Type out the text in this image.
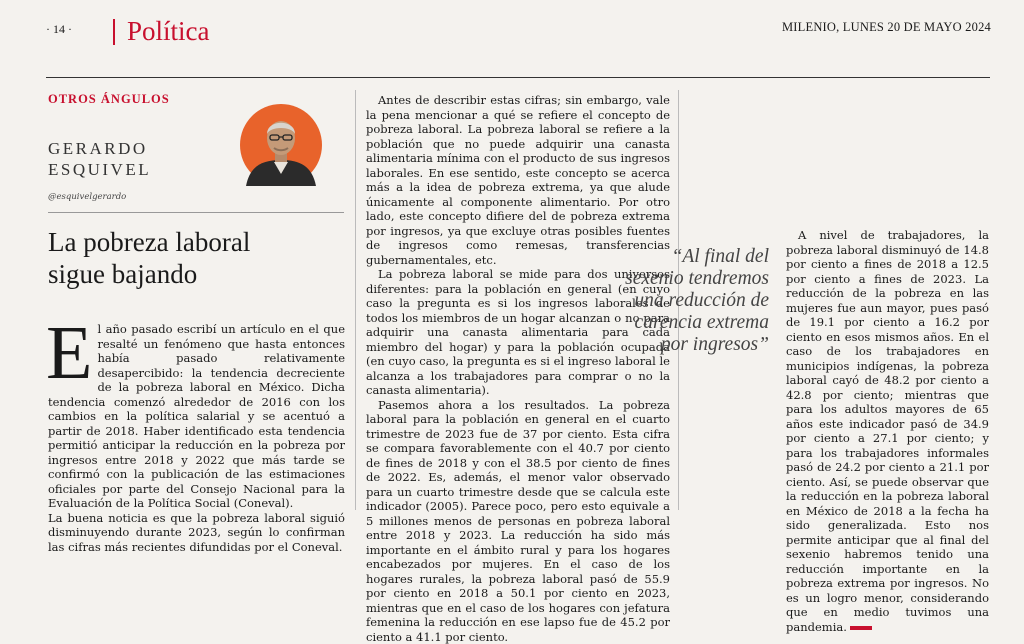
· 14 · Política	MILENIO, LUNES 20 DE MAYO 2024
OTROS ÁNGULOS
GERARDO
ESQUIVEL
@esquivelgerardo
La pobreza laboral
sigue bajando
E l año pasado escribí un artículo en el que resalté un fenómeno que hasta entonces había pasado relativamente desapercibido: la tendencia decreciente de la pobreza laboral en México. Dicha tendencia comenzó alrededor de 2016 con los cambios en la política salarial y se acentuó a partir de 2018. Haber identificado esta tendencia permitió anticipar la reducción en la pobreza por ingresos entre 2018 y 2022 que más tarde se confirmó con la publicación de las estimaciones oficiales por parte del Consejo Nacional para la Evaluación de la Política Social (Coneval).

La buena noticia es que la pobreza laboral siguió disminuyendo durante 2023, según lo confirman las cifras más recientes difundidas por el Coneval.

Antes de describir estas cifras; sin embargo, vale la pena mencionar a qué se refiere el concepto de pobreza laboral. La pobreza laboral se refiere a la población que no puede adquirir una canasta alimentaria mínima con el producto de sus ingresos laborales. En ese sentido, este concepto se acerca más a la idea de pobreza extrema, ya que alude únicamente al componente alimentario. Por otro lado, este concepto difiere del de pobreza extrema por ingresos, ya que excluye otras posibles fuentes de ingresos como remesas, transferencias gubernamentales, etc.

La pobreza laboral se mide para dos universos diferentes: para la población en general (en cuyo caso la pregunta es si los ingresos laborales de todos los miembros de un hogar alcanzan o no para adquirir una canasta alimentaria para cada miembro del hogar) y para la población ocupada (en cuyo caso, la pregunta es si el ingreso laboral le alcanza a los trabajadores para comprar o no la canasta alimentaria).

Pasemos ahora a los resultados. La pobreza laboral para la población en general en el cuarto trimestre de 2023 fue de 37 por ciento. Esta cifra se compara favorablemente con el 40.7 por ciento de fines de 2018 y con el 38.5 por ciento de fines de 2022. Es, además, el menor valor observado para un cuarto trimestre desde que se calcula este indicador (2005). Parece poco, pero esto equivale a 5 millones menos de personas en pobreza laboral entre 2018 y 2023. La reducción ha sido más importante en el ámbito rural y para los hogares encabezados por mujeres. En el caso de los hogares rurales, la pobreza laboral pasó de 55.9 por ciento en 2018 a 50.1 por ciento en 2023, mientras que en el caso de los hogares con jefatura femenina la reducción en ese lapso fue de 45.2 por ciento a 41.1 por ciento.

“Al final del sexenio tendremos una reducción de carencia extrema por ingresos”

A nivel de trabajadores, la pobreza laboral disminuyó de 14.8 por ciento a fines de 2018 a 12.5 por ciento a fines de 2023. La reducción de la pobreza en las mujeres fue aun mayor, pues pasó de 19.1 por ciento a 16.2 por ciento en esos mismos años. En el caso de los trabajadores en municipios indígenas, la pobreza laboral cayó de 48.2 por ciento a 42.8 por ciento; mientras que para los adultos mayores de 65 años este indicador pasó de 34.9 por ciento a 27.1 por ciento; y para los trabajadores informales pasó de 24.2 por ciento a 21.1 por ciento. Así, se puede observar que la reducción en la pobreza laboral en México de 2018 a la fecha ha sido generalizada. Esto nos permite anticipar que al final del sexenio habremos tenido una reducción importante en la pobreza extrema por ingresos. No es un logro menor, considerando que en medio tuvimos una pandemia.
